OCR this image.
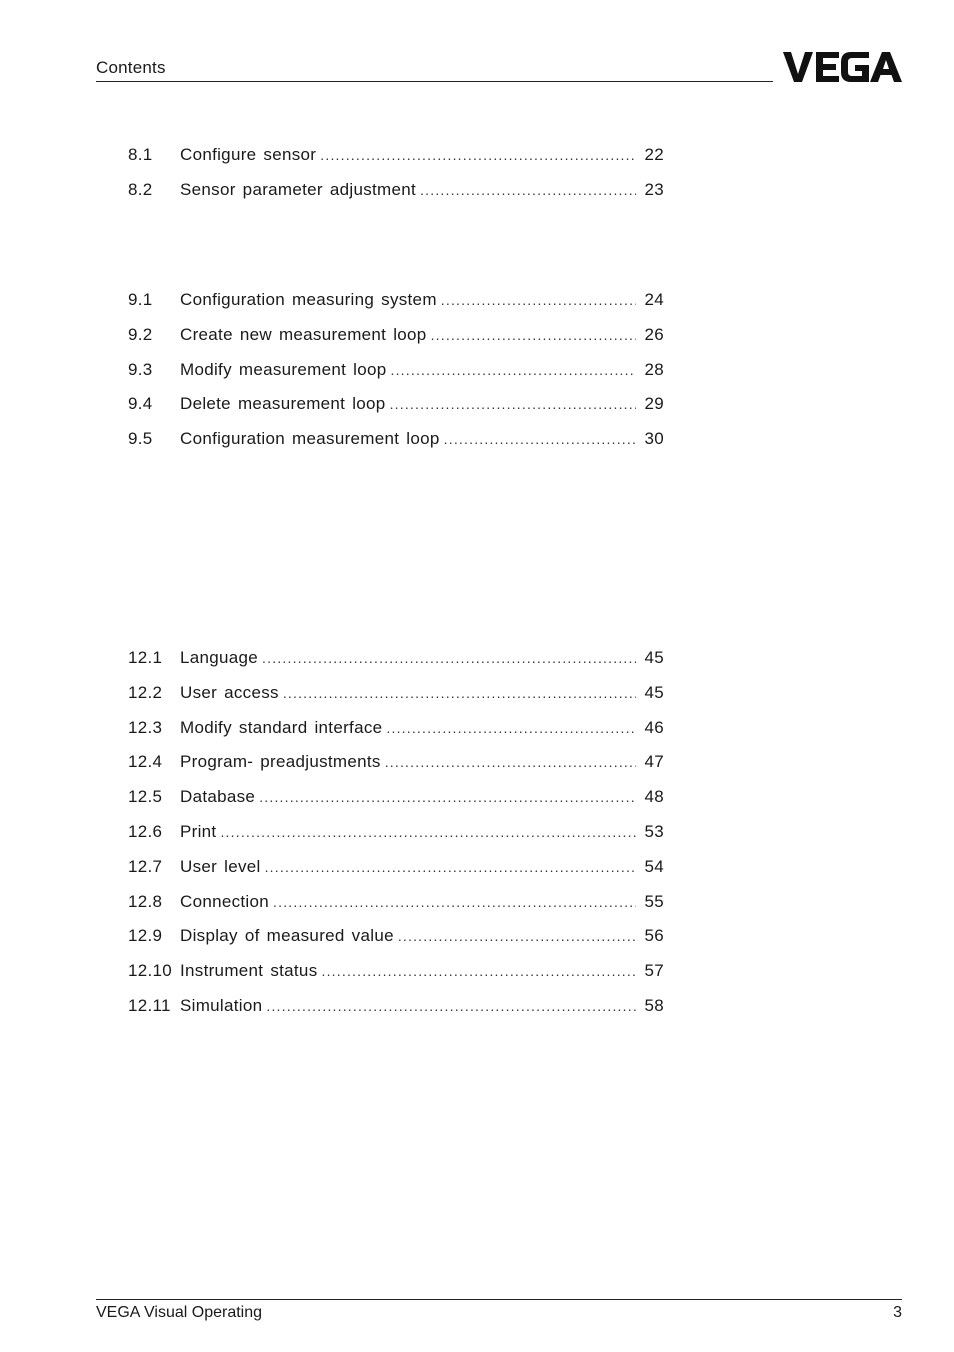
Contents
8.1	Configure sensor .....	22
8.2	Sensor parameter adjustment .....	23
9.1	Configuration measuring system .....	24
9.2	Create new measurement loop .....	26
9.3	Modify measurement loop .....	28
9.4	Delete measurement loop .....	29
9.5	Configuration measurement loop .....	30
12.1	Language .....	45
12.2	User access .....	45
12.3	Modify standard interface .....	46
12.4	Program- preadjustments .....	47
12.5	Database .....	48
12.6	Print .....	53
12.7	User level .....	54
12.8	Connection .....	55
12.9	Display of measured value .....	56
12.10 Instrument status .....	57
12.11 Simulation .....	58
VEGA Visual Operating	3
